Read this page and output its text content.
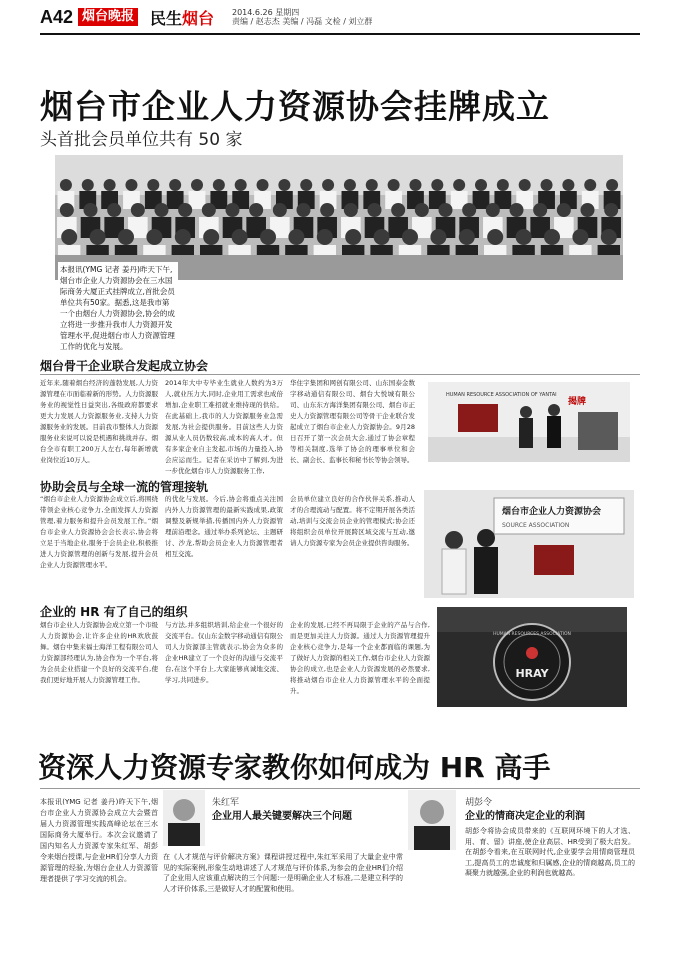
A42 烟台晚报 民生烟台 2014.6.26 星期四
责编 / 赵志杰 美编 / 冯磊 文检 / 刘立群
烟台市企业人力资源协会挂牌成立
头首批会员单位共有 50 家
本报讯(YMG 记者 姜丹)昨天下午,烟台市企业人力资源协会在三水国际商务大厦正式挂牌成立,首批会员单位共有50家。据悉,这是我市第一个由烟台人力资源协会,协会的成立将进一步推升我市人力资源开发管理水平,促进烟台市人力资源管理工作的优化与发展。
烟台骨干企业联合发起成立协会
近年来,随着烟台经济的蓬勃发展,人力资源管理在市面临着新的形势。人力资源服务业的视觉性日益突出,各级政府都要求更大力发展人力资源服务业,支持人力资源服务业的发展。目前我市整体人力资源服务业来说可以说是机遇和挑战并存。烟台全市有职工200万人左右,每年新增就业岗位近10万人。
2014年大中专毕业生就业人数约为3万人,就业压力大,同时,企业用工需求也成倍增加,企业职工难招就业维持现的供给。在此基础上,我市的人力资源服务业急需发展,为社会提供服务。目前这些人力资源从业人员仍数较高,成本的高人才。但有多家企业自主发起,市场的力量投入,协会应运而生。记者在采访中了解到,为进一步优化烟台市人力资源服务工作,
华住宇集团和网创有限公司、山东国泰金数字移动通信有限公司、烟台大悦城有限公司、山东东方海洋集团有限公司、烟台市正史人力资源管理有限公司等骨干企业联合发起成立了烟台市企业人力资源协会。9月28日召开了第一次会员大会,通过了协会章程等相关制度,选举了协会的理事单位和会长、副会长、监事长和秘书长等协会领导。
HUMAN RESOURCE ASSOCIATION OF YANTAI
揭牌
协助会员与全球一流的管理接轨
“烟台市企业人力资源协会成立后,将围绕带领企业核心竞争力,全面发挥人力资源管理,着力服务和提升会员发展工作。”烟台市企业人力资源协会会长表示,协会将立足于当地企业,服务于会员企业,积极推进人力资源管理的创新与发展,提升会员企业人力资源管理水平。
的优化与发展。今后,协会将重点关注国内外人力资源管理的最新实践成果,政策调整及新规举措,传播国内外人力资源管理前沿理念。通过举办系列论坛、主题研讨、沙龙,帮助会员企业人力资源管理者相互交流。
会员单位建立良好的合作伙伴关系,推动人才的合理流动与配置。将不定期开展各类活动,培训与交流会员企业的管理模式;协会还将组织会员单位开展跨区域交流与互动,邀请人力资源专家为会员企业提供咨询服务。
烟台市企业人力资源协会
SOURCE ASSOCIATION
企业的 HR 有了自己的组织
烟台市企业人力资源协会成立第一个市级人力资源协会,让许多企业的HR欢欣鼓舞。烟台中集来福士海洋工程有限公司人力资源部经理认为,协会作为一个平台,将为会员企业搭建一个良好的交流平台,使我们更好地开展人力资源管理工作。
与方法,并多组织培训,给企业一个很好的交流平台。仅山东金数字移动通信有限公司人力资源部主管就表示,协会为众多的企业HR建立了一个良好的沟通与交流平台,在这个平台上,大家能够真诚地交流、学习,共同进步。
企业的发展,已经不再局限于企业的产品与合作,而是更加关注人力资源。通过人力资源管理提升企业核心竞争力,是每一个企业都面临的课题,为了做好人力资源的相关工作,烟台市企业人力资源协会的成立,也是企业人力资源发展的必然要求,将推动烟台市企业人力资源管理水平的全面提升。
HUMAN RESOURCES ASSOCIATION
HRAY
资深人力资源专家教你如何成为 HR 高手
本报讯(YMG 记者 姜丹)昨天下午,烟台市企业人力资源协会成立大会暨首届人力资源管理实践高峰论坛在三水国际商务大厦举行。本次会议邀请了国内知名人力资源专家朱红军、胡彭令来烟台授课,与企业HR们分享人力资源管理的经验,为烟台企业人力资源管理者提供了学习交流的机会。
朱红军
企业用人最关键要解决三个问题
在《人才规范与评价解决方案》课程讲授过程中,朱红军采用了大量企业中常见的实际案例,形象生动地讲述了人才规范与评价体系,为参会的企业HR们介绍了企业用人应该重点解决的三个问题:一是明确企业人才标准,二是建立科学的人才评价体系,三是做好人才的配置和使用。
胡彭令
企业的情商决定企业的利润
胡彭令将协会成员带来的《互联网环境下的人才选、用、育、留》讲座,使企业高层、HR受到了极大启发。在胡彭令看来,在互联网时代,企业要学会用情商管理员工,提高员工的忠诚度和归属感,企业的情商越高,员工的凝聚力就越强,企业的利润也就越高。
